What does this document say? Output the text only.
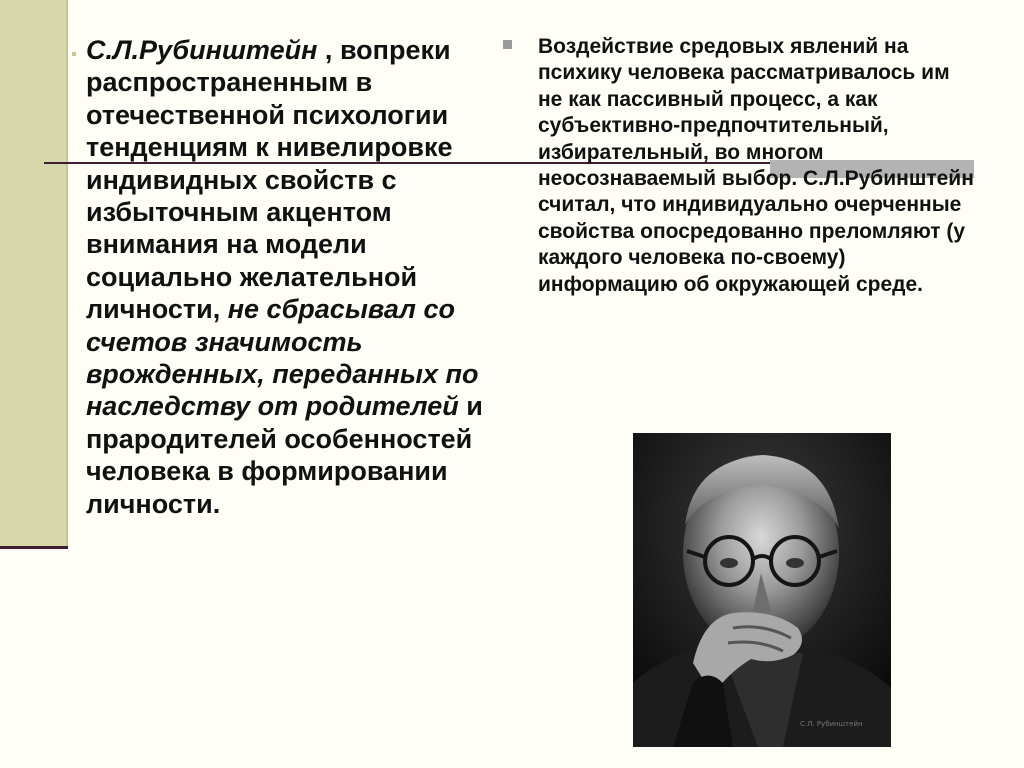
С.Л.Рубинштейн , вопреки распространенным в отечественной психологии тенденциям к нивелировке индивидных свойств с избыточным акцентом внимания на модели социально желательной личности, не сбрасывал со счетов значимость врожденных, переданных по наследству от родителей и прародителей особенностей человека в формировании личности.

Воздействие средовых явлений на психику человека рассматривалось им не как пассивный процесс, а как субъективно-предпочтительный, избирательный, во многом неосознаваемый выбор. С.Л.Рубинштейн считал, что индивидуально очерченные свойства опосредованно преломляют (у каждого человека по-своему) информацию об окружающей среде.

С.Л. Рубинштейн
